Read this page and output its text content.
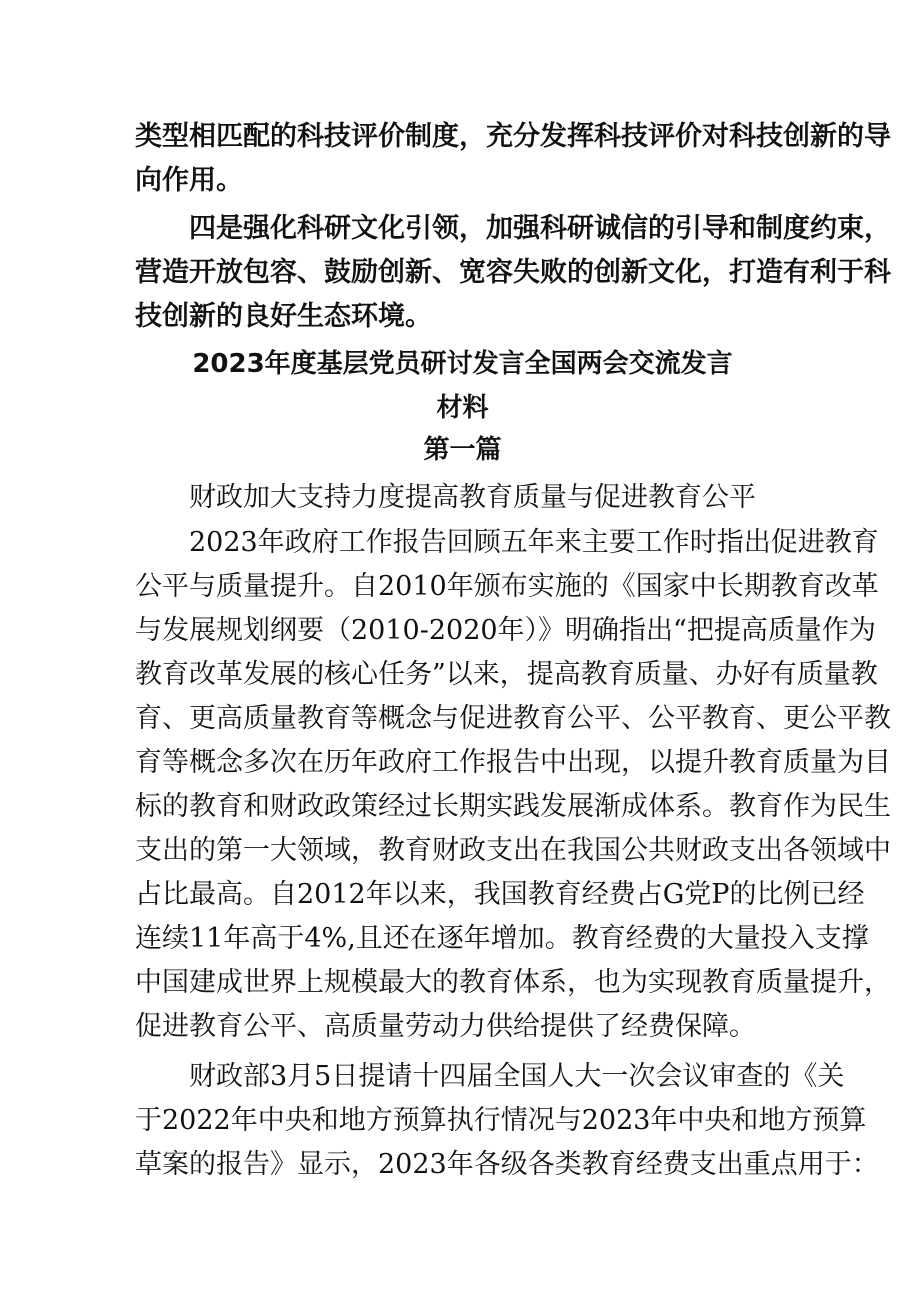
类型相匹配的科技评价制度，充分发挥科技评价对科技创新的导
向作用。
　　四是强化科研文化引领，加强科研诚信的引导和制度约束，
营造开放包容、鼓励创新、宽容失败的创新文化，打造有利于科
技创新的良好生态环境。
2023年度基层党员研讨发言全国两会交流发言
材料
第一篇
　　财政加大支持力度提高教育质量与促进教育公平
　　2023年政府工作报告回顾五年来主要工作时指出促进教育
公平与质量提升。自2010年颁布实施的《国家中长期教育改革
与发展规划纲要（2010-2020年）》明确指出“把提高质量作为
教育改革发展的核心任务”以来，提高教育质量、办好有质量教
育、更高质量教育等概念与促进教育公平、公平教育、更公平教
育等概念多次在历年政府工作报告中出现，以提升教育质量为目
标的教育和财政政策经过长期实践发展渐成体系。教育作为民生
支出的第一大领域，教育财政支出在我国公共财政支出各领域中
占比最高。自2012年以来，我国教育经费占G党P的比例已经
连续11年高于4%,且还在逐年增加。教育经费的大量投入支撑
中国建成世界上规模最大的教育体系，也为实现教育质量提升，
促进教育公平、高质量劳动力供给提供了经费保障。
　　财政部3月5日提请十四届全国人大一次会议审查的《关
于2022年中央和地方预算执行情况与2023年中央和地方预算
草案的报告》显示，2023年各级各类教育经费支出重点用于：
